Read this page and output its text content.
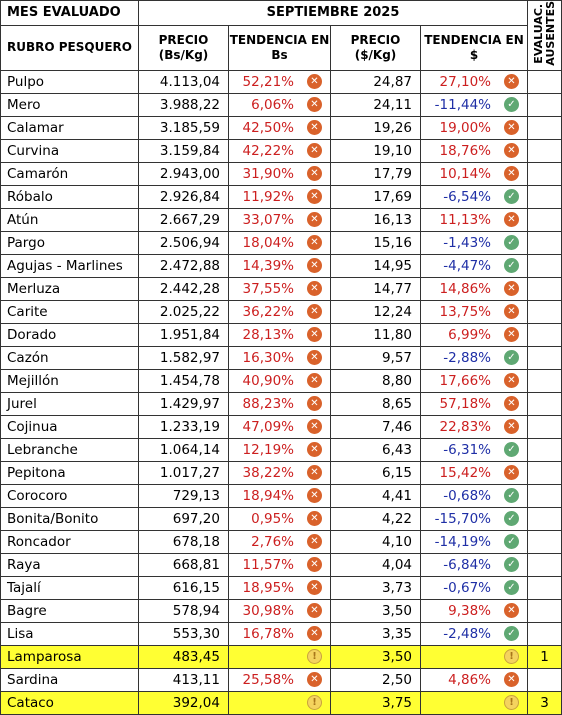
MES EVALUADO	SEPTIEMBRE 2025				EVALUAC. AUSENTES
RUBRO PESQUERO	PRECIO (Bs/Kg)	TENDENCIA EN Bs	PRECIO ($/Kg)	TENDENCIA EN $	
Pulpo	4.113,04	52,21% ✕	24,87	27,10% ✕	

Mero	3.988,22	6,06% ✕	24,11	-11,44% ✓	

Calamar	3.185,59	42,50% ✕	19,26	19,00% ✕	

Curvina	3.159,84	42,22% ✕	19,10	18,76% ✕	

Camarón	2.943,00	31,90% ✕	17,79	10,14% ✕	

Róbalo	2.926,84	11,92% ✕	17,69	-6,54% ✓	

Atún	2.667,29	33,07% ✕	16,13	11,13% ✕	

Pargo	2.506,94	18,04% ✕	15,16	-1,43% ✓	

Agujas - Marlines	2.472,88	14,39% ✕	14,95	-4,47% ✓	

Merluza	2.442,28	37,55% ✕	14,77	14,86% ✕	

Carite	2.025,22	36,22% ✕	12,24	13,75% ✕	

Dorado	1.951,84	28,13% ✕	11,80	6,99% ✕	

Cazón	1.582,97	16,30% ✕	9,57	-2,88% ✓	

Mejillón	1.454,78	40,90% ✕	8,80	17,66% ✕	

Jurel	1.429,97	88,23% ✕	8,65	57,18% ✕	

Cojinua	1.233,19	47,09% ✕	7,46	22,83% ✕	

Lebranche	1.064,14	12,19% ✕	6,43	-6,31% ✓	

Pepitona	1.017,27	38,22% ✕	6,15	15,42% ✕	

Corocoro	729,13	18,94% ✕	4,41	-0,68% ✓	

Bonita/Bonito	697,20	0,95% ✕	4,22	-15,70% ✓	

Roncador	678,18	2,76% ✕	4,10	-14,19% ✓	

Raya	668,81	11,57% ✕	4,04	-6,84% ✓	

Tajalí	616,15	18,95% ✕	3,73	-0,67% ✓	

Bagre	578,94	30,98% ✕	3,50	9,38% ✕	

Lisa	553,30	16,78% ✕	3,35	-2,48% ✓	

Lamparosa	483,45	!	3,50	!	1
Sardina	413,11	25,58% ✕	2,50	4,86% ✕	

Cataco	392,04	!	3,75	!	3
